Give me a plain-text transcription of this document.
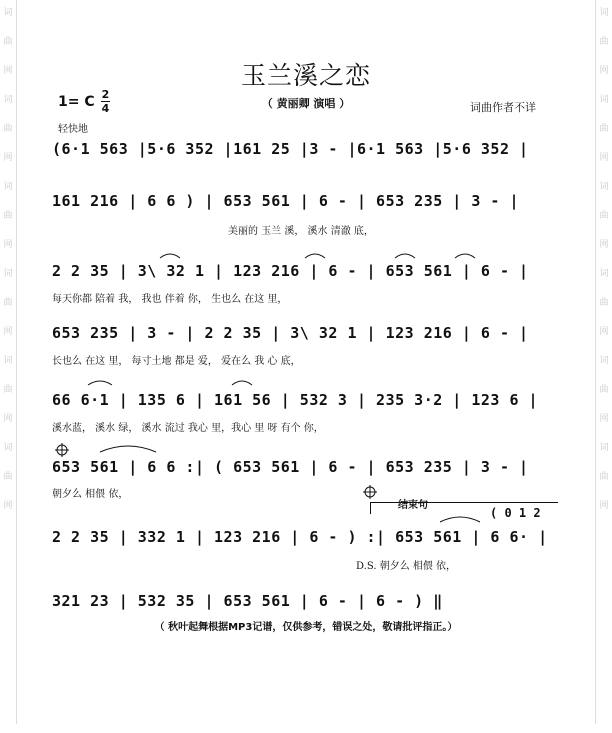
词
曲
网
词
曲
网
词
曲
网
词
曲
网
词
曲
网
词
曲
网
词
曲
网
词
曲
网
词
曲
网
词
曲
网
词
曲
网
词
曲
网
玉兰溪之恋
（ 黄丽卿 演唱 ）
1= C 2
4	词曲作者不详
轻快地
(6·1 563 |5·6 352 |161 25 |3 - |6·1 563 |5·6 352 |
161 216 | 6 6 ) | 653 561 | 6 - | 653 235 | 3 - |
美丽的 玉兰 溪， 溪水 清澈 底，
2 2 35 | 3\ 32 1 | 123 216 | 6 - | 653 561 | 6 - |
每天你都 陪着 我， 我也 伴着 你， 生也么 在这 里，
653 235 | 3 - | 2 2 35 | 3\ 32 1 | 123 216 | 6 - |
长也么 在这 里， 每寸土地 都是 爱， 爱在么 我 心 底，
66 6·1 | 135 6 | 161 56 | 532 3 | 235 3·2 | 123 6 |
溪水蓝， 溪水 绿， 溪水 流过 我心 里，我心 里 呀 有个 你，
653 561 | 6 6 :| ( 653 561 | 6 - | 653 235 | 3 - |
朝夕么 相偎 依，
结束句
( 0 1 2
2 2 35 | 332 1 | 123 216 | 6 - ) :| 653 561 | 6 6· |
D.S. 朝夕么 相偎 依，
321 23 | 532 35 | 653 561 | 6 - | 6 - ) ‖
（ 秋叶起舞根据MP3记谱，仅供参考，错误之处，敬请批评指正。）
